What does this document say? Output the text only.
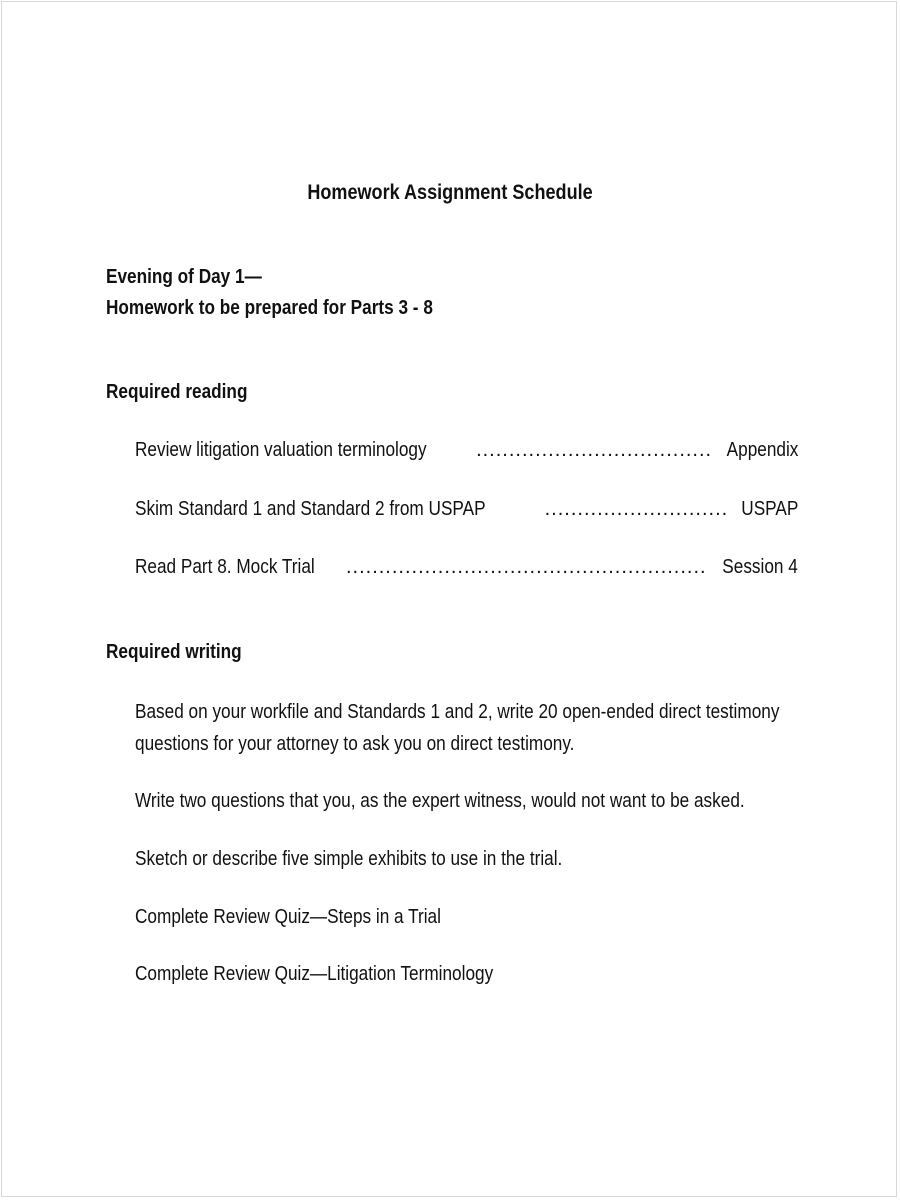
Homework Assignment Schedule
Evening of Day 1—
Homework to be prepared for Parts 3 - 8
Required reading
Review litigation valuation terminology .....	Appendix
Skim Standard 1 and Standard 2 from USPAP .....	USPAP
Read Part 8. Mock Trial .....	Session 4
Required writing
Based on your workfile and Standards 1 and 2, write 20 open-ended direct testimony
questions for your attorney to ask you on direct testimony.
Write two questions that you, as the expert witness, would not want to be asked.
Sketch or describe five simple exhibits to use in the trial.
Complete Review Quiz—Steps in a Trial
Complete Review Quiz—Litigation Terminology
